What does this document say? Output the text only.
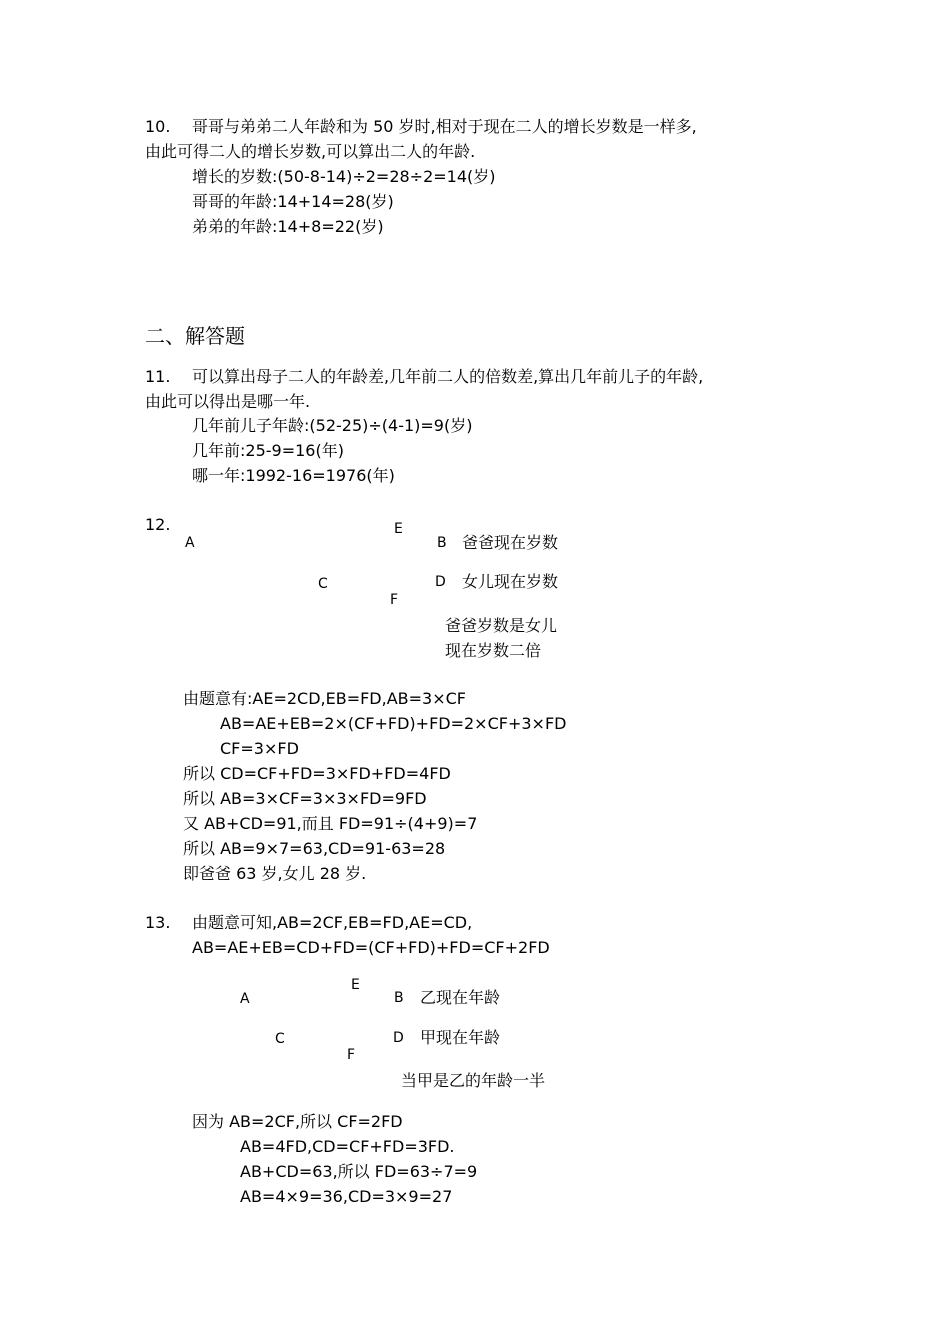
10. 哥哥与弟弟二人年龄和为 50 岁时,相对于现在二人的增长岁数是一样多,
由此可得二人的增长岁数,可以算出二人的年龄.
增长的岁数:(50-8-14)÷2=28÷2=14(岁)
哥哥的年龄:14+14=28(岁)
弟弟的年龄:14+8=22(岁)
二、解答题
11. 可以算出母子二人的年龄差,几年前二人的倍数差,算出几年前儿子的年龄,
由此可以得出是哪一年.
几年前儿子年龄:(52-25)÷(4-1)=9(岁)
几年前:25-9=16(年)
哪一年:1992-16=1976(年)
12.
A
E
B 爸爸现在岁数
C	D 女儿现在岁数
F
爸爸岁数是女儿
现在岁数二倍
由题意有:AE=2CD,EB=FD,AB=3×CF
AB=AE+EB=2×(CF+FD)+FD=2×CF+3×FD
CF=3×FD
所以 CD=CF+FD=3×FD+FD=4FD
所以 AB=3×CF=3×3×FD=9FD
又 AB+CD=91,而且 FD=91÷(4+9)=7
所以 AB=9×7=63,CD=91-63=28
即爸爸 63 岁,女儿 28 岁.
13. 由题意可知,AB=2CF,EB=FD,AE=CD,
AB=AE+EB=CD+FD=(CF+FD)+FD=CF+2FD
A
E
B 乙现在年龄
C	D 甲现在年龄
F
当甲是乙的年龄一半
因为 AB=2CF,所以 CF=2FD
AB=4FD,CD=CF+FD=3FD.
AB+CD=63,所以 FD=63÷7=9
AB=4×9=36,CD=3×9=27
